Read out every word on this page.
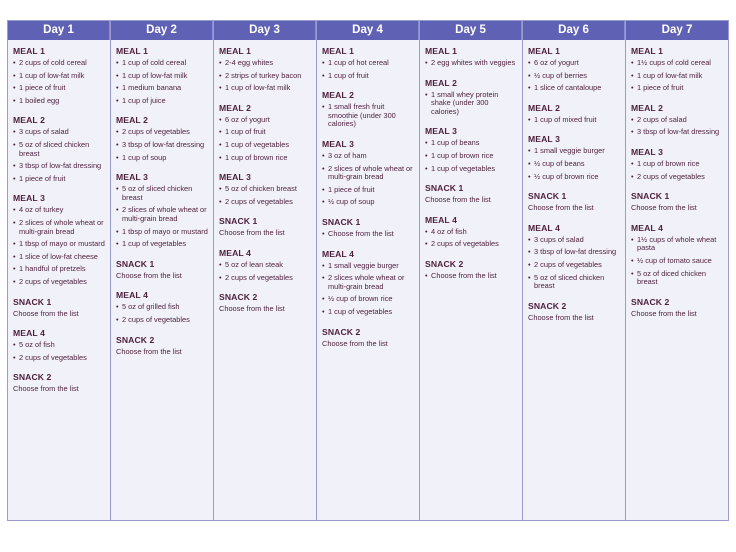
Day 1
MEAL 1
• 2 cups of cold cereal
• 1 cup of low-fat milk
• 1 piece of fruit
• 1 boiled egg
MEAL 2
• 3 cups of salad
• 5 oz of sliced chicken breast
• 3 tbsp of low-fat dressing
• 1 piece of fruit
MEAL 3
• 4 oz of turkey
• 2 slices of whole wheat or multi-grain bread
• 1 tbsp of mayo or mustard
• 1 slice of low-fat cheese
• 1 handful of pretzels
• 2 cups of vegetables
SNACK 1
Choose from the list
MEAL 4
• 5 oz of fish
• 2 cups of vegetables
SNACK 2
Choose from the list
Day 2
MEAL 1
• 1 cup of cold cereal
• 1 cup of low-fat milk
• 1 medium banana
• 1 cup of juice
MEAL 2
• 2 cups of vegetables
• 3 tbsp of low-fat dressing
• 1 cup of soup
MEAL 3
• 5 oz of sliced chicken breast
• 2 slices of whole wheat or multi-grain bread
• 1 tbsp of mayo or mustard
• 1 cup of vegetables
SNACK 1
Choose from the list
MEAL 4
• 5 oz of grilled fish
• 2 cups of vegetables
SNACK 2
Choose from the list
Day 3
MEAL 1
• 2-4 egg whites
• 2 strips of turkey bacon
• 1 cup of low-fat milk
MEAL 2
• 6 oz of yogurt
• 1 cup of fruit
• 1 cup of vegetables
• 1 cup of brown rice
MEAL 3
• 5 oz of chicken breast
• 2 cups of vegetables
SNACK 1
Choose from the list
MEAL 4
• 5 oz of lean steak
• 2 cups of vegetables
SNACK 2
Choose from the list
Day 4
MEAL 1
• 1 cup of hot cereal
• 1 cup of fruit
MEAL 2
• 1 small fresh fruit smoothie (under 300 calories)
MEAL 3
• 3 oz of ham
• 2 slices of whole wheat or multi-grain bread
• 1 piece of fruit
• ½ cup of soup
SNACK 1
• Choose from the list
MEAL 4
• 1 small veggie burger
• 2 slices whole wheat or multi-grain bread
• ½ cup of brown rice
• 1 cup of vegetables
SNACK 2
Choose from the list
Day 5
MEAL 1
• 2 egg whites with veggies
MEAL 2
• 1 small whey protein shake (under 300 calories)
MEAL 3
• 1 cup of beans
• 1 cup of brown rice
• 1 cup of vegetables
SNACK 1
Choose from the list
MEAL 4
• 4 oz of fish
• 2 cups of vegetables
SNACK 2
• Choose from the list
Day 6
MEAL 1
• 6 oz of yogurt
• ½ cup of berries
• 1 slice of cantaloupe
MEAL 2
• 1 cup of mixed fruit
MEAL 3
• 1 small veggie burger
• ½ cup of beans
• ½ cup of brown rice
SNACK 1
Choose from the list
MEAL 4
• 3 cups of salad
• 3 tbsp of low-fat dressing
• 2 cups of vegetables
• 5 oz of sliced chicken breast
SNACK 2
Choose from the list
Day 7
MEAL 1
• 1½ cups of cold cereal
• 1 cup of low-fat milk
• 1 piece of fruit
MEAL 2
• 2 cups of salad
• 3 tbsp of low-fat dressing
MEAL 3
• 1 cup of brown rice
• 2 cups of vegetables
SNACK 1
Choose from the list
MEAL 4
• 1½ cups of whole wheat pasta
• ½ cup of tomato sauce
• 5 oz of diced chicken breast
SNACK 2
Choose from the list
